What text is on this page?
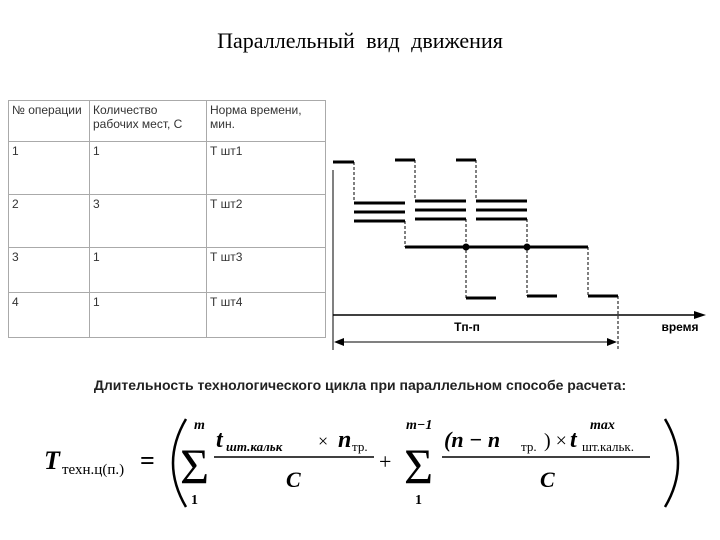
Параллельный вид движения
№ операции	Количество рабочих мест, С	Норма времени, мин.
1	1	Т шт1
2	3	Т шт2
3	1	Т шт3
4	1	Т шт4
Тп-п	время
Длительность технологического цикла при параллельном способе расчета:
T техн.ц(п.) =
m
Σ
1
t шт.кальк × n тр.
C
+
m−1
Σ
1
(n − n тр. ) × t
max
шт.кальк.
C
